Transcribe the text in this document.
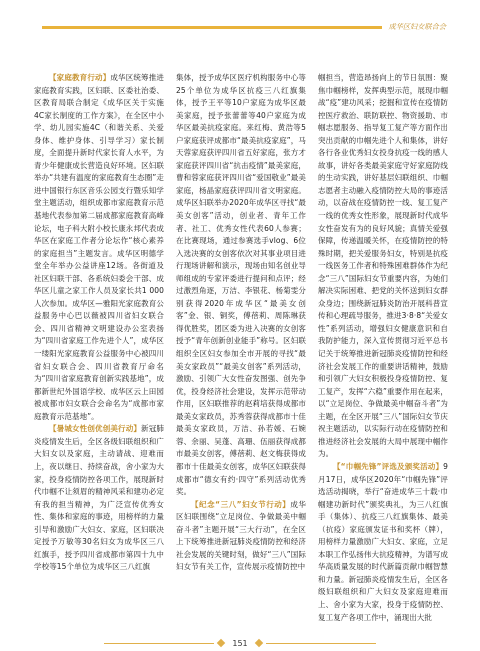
成华区妇女联合会

【家庭教育行动】成华区统筹推进家庭教育实践，区妇联、区委社治委、区教育局联合制定《成华区关于实施4C家长制度的工作方案》，在全区中小学、幼儿园实施4C（和谐关系、关爱身体、维护身体、引导学习）家长制度，全面提升新时代家长育人水平，为青少年健康成长营造良好环境。区妇联举办“共建有温度的家庭教育生态圈”走进中国银行东区音乐公园支行暨乐知学堂主题活动，组织成都市家庭教育示范基地代表参加第二届成都家庭教育高峰论坛，电子科大附小校长康永邦代表成华区在家庭工作者分论坛作“核心素养的家庭担当”主题发言。成华区明德学堂全年举办公益讲座12场。各街道及社区妇联干部、各系统妇委会干部、成华区儿童之家工作人员及家长共1 000人次参加。成华区—雅阳光家庭教育公益服务中心巴以薇被四川省妇女联合会、四川省精神文明建设办公室表扬为“四川省家庭工作先进个人”，成华区一缕阳光家庭教育公益服务中心被四川省妇女联合会、四川省教育厅命名为“四川省家庭教育创新实践基地”，成都新世纪外国语学校、成华区云上田园被成都市妇女联合会命名为“成都市家庭教育示范基地”。

【暑城女性创优创美行动】新冠肺炎疫情发生后，全区各级妇联组织和广大妇女以及家庭，主动请战、迎难而上，夜以继日、持续奋战，舍小家为大家，投身疫情防控各项工作，展现新时代巾帼不让须眉的精神风采和建功必定有我的担当精神，为广泛宣传优秀女性、集体和家庭的事迹，用榜样的力量引导和激励广大妇女、家庭，区妇联决定授予万敏等30名妇女为成华区三八红旗手，授予四川省成都市第四十九中学校等15个单位为成华区三八红旗

集体，授予成华区医疗机构服务中心等25个单位为成华区抗疫三八红旗集体，授予王平等10户家庭为成华区最美家庭，授予张蕾蕾等40户家庭为成华区最美抗疫家庭。来红梅、黄浩等5户家庭获评成都市“最美抗疫家庭”，马天蓉家庭获评四川省五好家庭，张方才家庭获评四川省“抗击疫情”最美家庭，曹和蓉家庭获评四川省“爱国敬业”最美家庭，杨晶家庭获评四川省文明家庭。成华区妇联举办2020年成华区寻找“最美女创客”活动，创业者、青年工作者、社工、优秀女性代表60人参赛；在比赛现场，通过参赛选手vlog、6位入选决赛的女创客依次对其事业项目进行现场讲解和演示，现场由知名创业导师组成的专家评委进行提问和点评；经过激烈角逐，万洁、李银花、杨菊雯分别获得2020年成华区“最美女创客”金、银、铜奖，傅蓓莉、周陈琳获得优胜奖，团区委为进入决赛的女创客授予“青年创新创业能手”称号。区妇联组织全区妇女参加全市开展的寻找“最美女家政员”“最美女创客”系列活动，激励、引领广大女性奋发图强、创先争优，投身经济社会建设，发挥示范带动作用，区妇联推荐的赵莉培获得成都市最美女家政员，苏秀蓉获得成都市十佳最美女家政员，万洁、孙若媛、石婉蓉、余丽、吴蓬、高珊、伍丽获得成都市最美女创客，傅蓓莉、赵文梅获得成都市十佳最美女创客，成华区妇联获得成都市“德女有约·四守”系列活动优秀奖。

【纪念“三八”妇女节行动】成华区妇联围绕“立足岗位、争做最美中帼奋斗者”主题开展“三大行动”，在全区上下统筹推进新冠肺炎疫情防控和经济社会发展的关键时刻，做好“三八”国际妇女节有关工作，宣传展示疫情防控中

帼担当，营造昂扬向上的节日氛围：聚焦巾帼榜样，发挥典型示范，展现巾帼战“疫”建功风采；挖掘和宣传在疫情防控医疗救治、联防联控、物资援助、市帼志愿服务、指导复工复产等方面作出突出贡献的巾帼先进个人和集体，讲好各行各业优秀妇女投身抗疫一线的感人故事，讲好各类最美家庭守好家庭防线的生动实践，讲好基层妇联组织、巾帼志愿者主动融入疫情防控大局的事迹活动，以奋战在疫情防控一线、复工复产一线的优秀女性形象，展现新时代成华女性奋发有为的良好风貌；真情关爱强保障，传递温暖关怀，在疫情防控的特殊时期，把关爱服务妇女，特别是抗疫一线医务工作者和特殊困难群体作为纪念“三八”国际妇女节重要内容，为她们解决实际困难、把党的关怀送到妇女群众身边；围绕新冠肺炎防治开展科普宣传和心理疏导服务，推进3·8·8“关爱女性”系列活动，增强妇女健康意识和自我防护能力，深入宣传贯彻习近平总书记关于统筹推进新冠肺炎疫情防控和经济社会发展工作的重要讲话精神，鼓励和引领广大妇女积极投身疫情防控、复工复产，发挥“六稳”重要作用在起来，以“立足岗位、争做最美中帼奋斗者”为主题，在全区开展“三八”国际妇女节庆祝主题活动，以实际行动在疫情防控和推进经济社会发展的大局中展现中帼作为。

【“巾帼先锋”评选及颁奖活动】9月17日，成华区2020年“巾帼先锋”评选活动揭晓，举行“奋进成华三十载·巾帼建功新时代”颁奖典礼，为三八红旗手（集体）、抗疫三八红旗集体、最美（抗疫）家庭颁发证书和奖杯（牌），用榜样力量激励广大妇女、家庭，立足本职工作弘扬伟大抗疫精神，为谱写成华高质量发展的时代新篇贡献巾帼智慧和力量。新冠肺炎疫情发生后，全区各级妇联组织和广大妇女及家庭迎难而上、舍小家为大家，投身于疫情防控、复工复产各项工作中，涌现出大批

151
